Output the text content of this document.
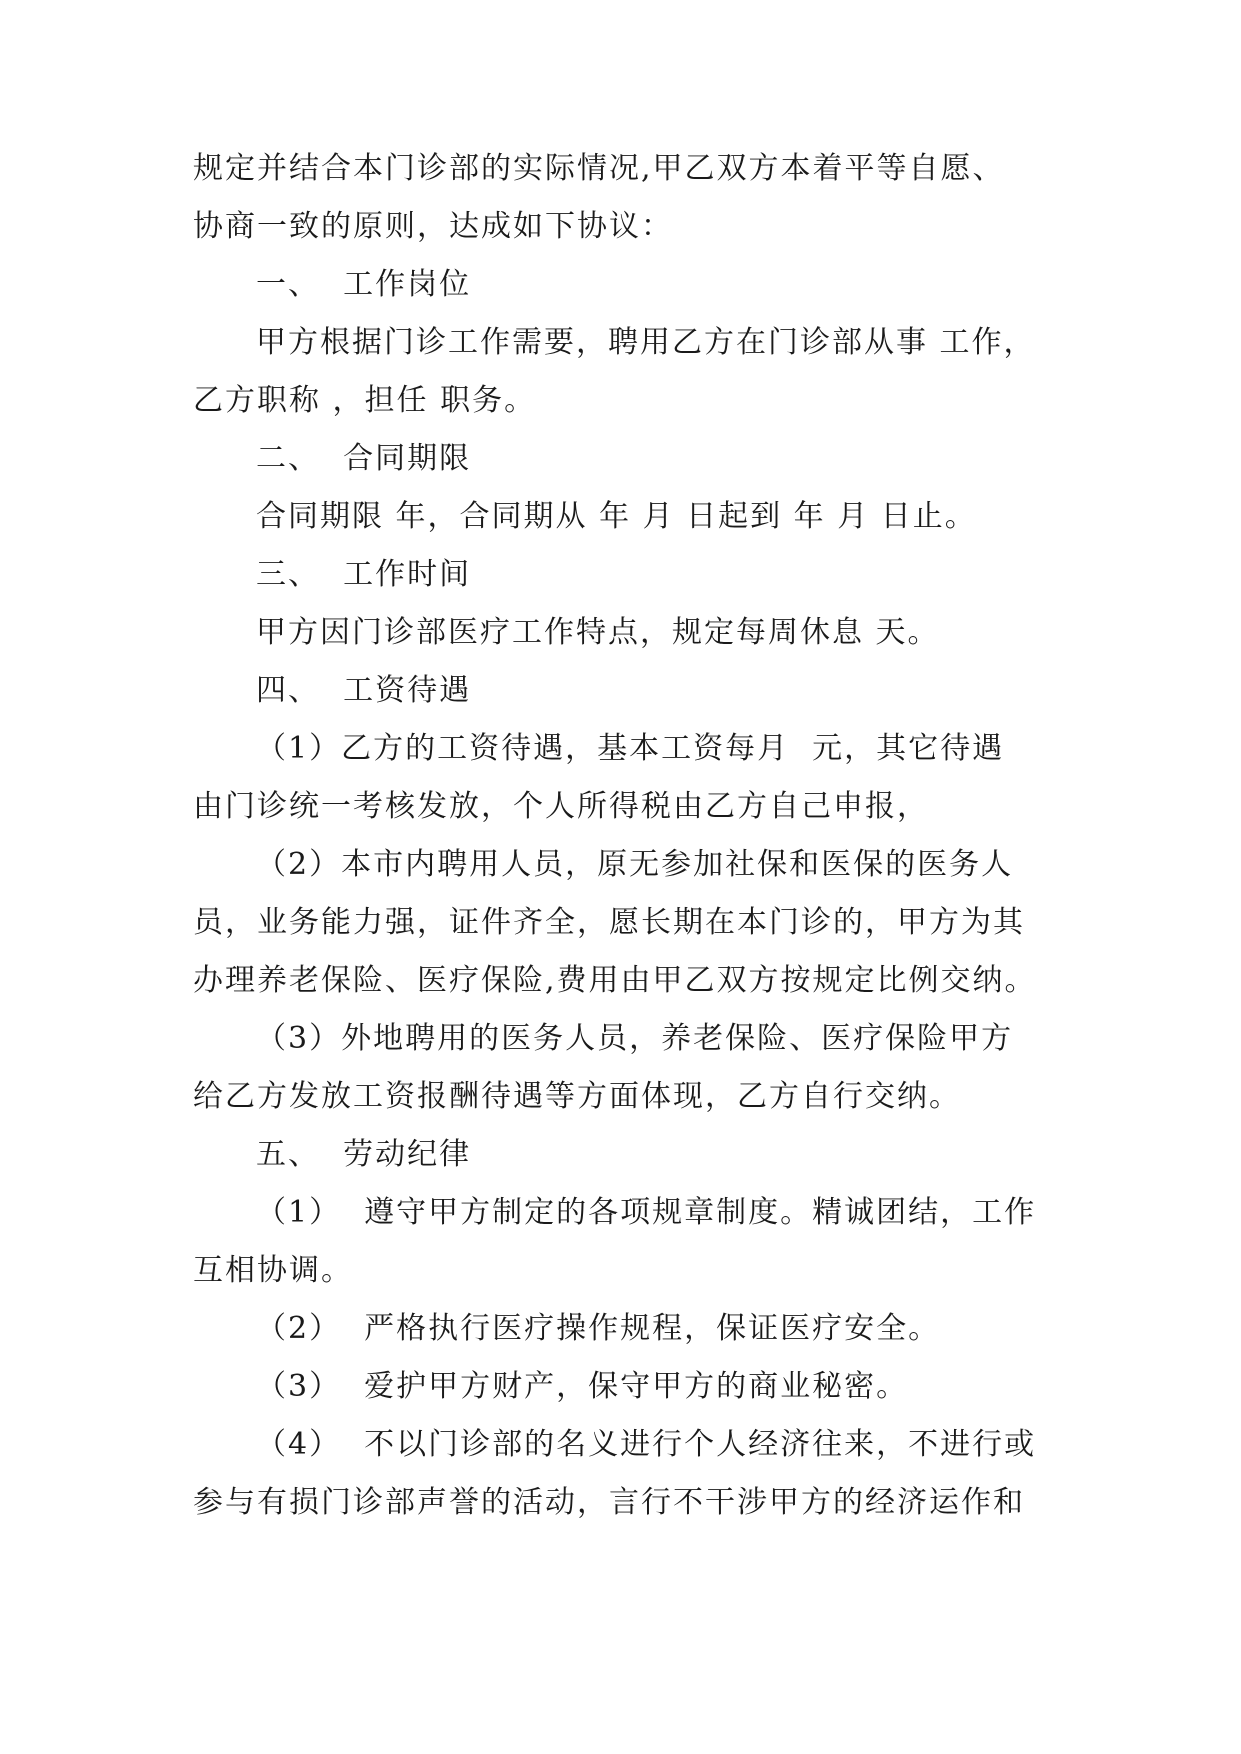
规定并结合本门诊部的实际情况,甲乙双方本着平等自愿、
协商一致的原则，达成如下协议：
一、  工作岗位
甲方根据门诊工作需要，聘用乙方在门诊部从事 工作，
乙方职称 ，担任 职务。
二、  合同期限
合同期限 年，合同期从 年 月 日起到 年 月 日止。
三、  工作时间
甲方因门诊部医疗工作特点，规定每周休息 天。
四、  工资待遇
（1）乙方的工资待遇，基本工资每月  元，其它待遇
由门诊统一考核发放，个人所得税由乙方自己申报，
（2）本市内聘用人员，原无参加社保和医保的医务人
员，业务能力强，证件齐全，愿长期在本门诊的，甲方为其
办理养老保险、医疗保险,费用由甲乙双方按规定比例交纳。
（3）外地聘用的医务人员，养老保险、医疗保险甲方
给乙方发放工资报酬待遇等方面体现，乙方自行交纳。
五、  劳动纪律
（1）  遵守甲方制定的各项规章制度。精诚团结，工作
互相协调。
（2）  严格执行医疗操作规程，保证医疗安全。
（3）  爱护甲方财产，保守甲方的商业秘密。
（4）  不以门诊部的名义进行个人经济往来，不进行或
参与有损门诊部声誉的活动，言行不干涉甲方的经济运作和
